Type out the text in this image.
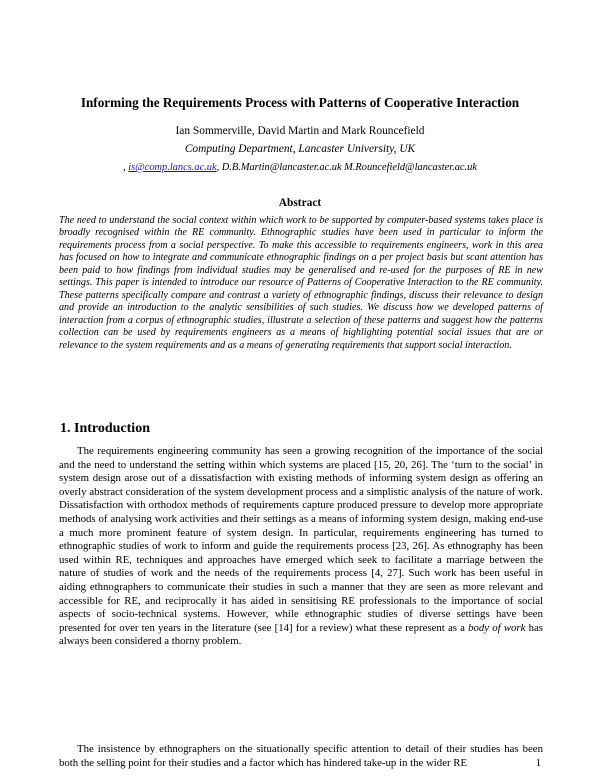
Informing the Requirements Process with Patterns of Cooperative Interaction
Ian Sommerville, David Martin and Mark Rouncefield
Computing Department, Lancaster University, UK
, is@comp.lancs.ac.uk, D.B.Martin@lancaster.ac.uk M.Rouncefield@lancaster.ac.uk
Abstract

The need to understand the social context within which work to be supported by computer-based systems takes place is broadly recognised within the RE community. Ethnographic studies have been used in particular to inform the requirements process from a social perspective. To make this accessible to requirements engineers, work in this area has focused on how to integrate and communicate ethnographic findings on a per project basis but scant attention has been paid to how findings from individual studies may be generalised and re-used for the purposes of RE in new settings. This paper is intended to introduce our resource of Patterns of Cooperative Interaction to the RE community. These patterns specifically compare and contrast a variety of ethnographic findings, discuss their relevance to design and provide an introduction to the analytic sensibilities of such studies. We discuss how we developed patterns of interaction from a corpus of ethnographic studies, illustrate a selection of these patterns and suggest how the patterns collection can be used by requirements engineers as a means of highlighting potential social issues that are or relevance to the system requirements and as a means of generating requirements that support social interaction.

1. Introduction

The requirements engineering community has seen a growing recognition of the importance of the social and the need to understand the setting within which systems are placed [15, 20, 26]. The ‘turn to the social’ in system design arose out of a dissatisfaction with existing methods of informing system design as offering an overly abstract consideration of the system development process and a simplistic analysis of the nature of work. Dissatisfaction with orthodox methods of requirements capture produced pressure to develop more appropriate methods of analysing work activities and their settings as a means of informing system design, making end-use a much more prominent feature of system design. In particular, requirements engineering has turned to ethnographic studies of work to inform and guide the requirements process [23, 26]. As ethnography has been used within RE, techniques and approaches have emerged which seek to facilitate a marriage between the nature of studies of work and the needs of the requirements process [4, 27]. Such work has been useful in aiding ethnographers to communicate their studies in such a manner that they are seen as more relevant and accessible for RE, and reciprocally it has aided in sensitising RE professionals to the importance of social aspects of socio-technical systems. However, while ethnographic studies of diverse settings have been presented for over ten years in the literature (see [14] for a review) what these represent as a body of work has always been considered a thorny problem.

The insistence by ethnographers on the situationally specific attention to detail of their studies has been both the selling point for their studies and a factor which has hindered take-up in the wider RE	1
